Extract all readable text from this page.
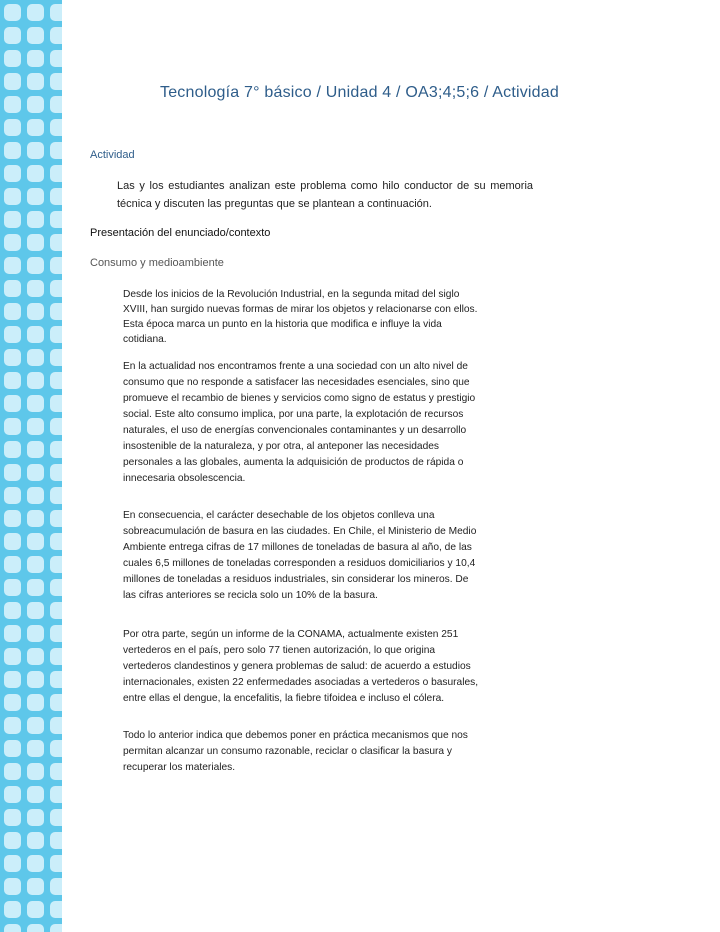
Tecnología 7° básico / Unidad 4 / OA3;4;5;6 / Actividad
Actividad
Las y los estudiantes analizan este problema como hilo conductor de su memoria técnica y discuten las preguntas que se plantean a continuación.
Presentación del enunciado/contexto
Consumo y medioambiente
Desde los inicios de la Revolución Industrial, en la segunda mitad del siglo
XVIII, han surgido nuevas formas de mirar los objetos y relacionarse con ellos.
Esta época marca un punto en la historia que modifica e influye la vida
cotidiana.
En la actualidad nos encontramos frente a una sociedad con un alto nivel de
consumo que no responde a satisfacer las necesidades esenciales, sino que
promueve el recambio de bienes y servicios como signo de estatus y prestigio
social. Este alto consumo implica, por una parte, la explotación de recursos
naturales, el uso de energías convencionales contaminantes y un desarrollo
insostenible de la naturaleza, y por otra, al anteponer las necesidades
personales a las globales, aumenta la adquisición de productos de rápida o
innecesaria obsolescencia.
En consecuencia, el carácter desechable de los objetos conlleva una
sobreacumulación de basura en las ciudades. En Chile, el Ministerio de Medio
Ambiente entrega cifras de 17 millones de toneladas de basura al año, de las
cuales 6,5 millones de toneladas corresponden a residuos domiciliarios y 10,4
millones de toneladas a residuos industriales, sin considerar los mineros. De
las cifras anteriores se recicla solo un 10% de la basura.
Por otra parte, según un informe de la CONAMA, actualmente existen 251
vertederos en el país, pero solo 77 tienen autorización, lo que origina
vertederos clandestinos y genera problemas de salud: de acuerdo a estudios
internacionales, existen 22 enfermedades asociadas a vertederos o basurales,
entre ellas el dengue, la encefalitis, la fiebre tifoidea e incluso el cólera.
Todo lo anterior indica que debemos poner en práctica mecanismos que nos
permitan alcanzar un consumo razonable, reciclar o clasificar la basura y
recuperar los materiales.
